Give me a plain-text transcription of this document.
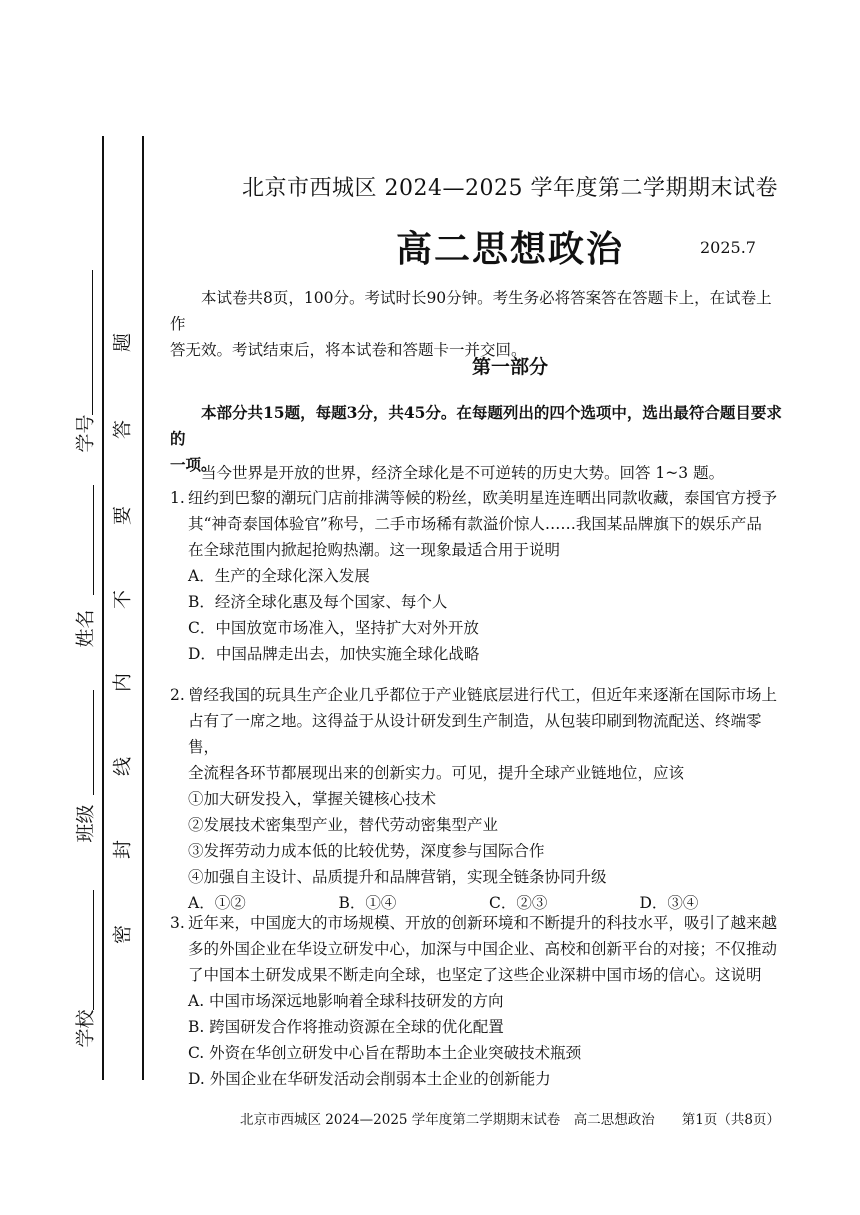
学号
姓名
班级
学校
题
答
要
不
内
线
封
密
北京市西城区 2024—2025 学年度第二学期期末试卷
高二思想政治	2025.7
本试卷共8页，100分。考试时长90分钟。考生务必将答案答在答题卡上，在试卷上作
答无效。考试结束后，将本试卷和答题卡一并交回。
第一部分
本部分共15题，每题3分，共45分。在每题列出的四个选项中，选出最符合题目要求的
一项。
当今世界是开放的世界，经济全球化是不可逆转的历史大势。回答 1~3 题。
1. 纽约到巴黎的潮玩门店前排满等候的粉丝，欧美明星连连晒出同款收藏，泰国官方授予
其“神奇泰国体验官”称号，二手市场稀有款溢价惊人……我国某品牌旗下的娱乐产品
在全球范围内掀起抢购热潮。这一现象最适合用于说明
A．生产的全球化深入发展
B．经济全球化惠及每个国家、每个人
C．中国放宽市场准入，坚持扩大对外开放
D．中国品牌走出去，加快实施全球化战略
2. 曾经我国的玩具生产企业几乎都位于产业链底层进行代工，但近年来逐渐在国际市场上
占有了一席之地。这得益于从设计研发到生产制造，从包装印刷到物流配送、终端零售，
全流程各环节都展现出来的创新实力。可见，提升全球产业链地位，应该
①加大研发投入，掌握关键核心技术
②发展技术密集型产业，替代劳动密集型产业
③发挥劳动力成本低的比较优势，深度参与国际合作
④加强自主设计、品质提升和品牌营销，实现全链条协同升级
A．①②	B．①④	C．②③	D．③④
3. 近年来，中国庞大的市场规模、开放的创新环境和不断提升的科技水平，吸引了越来越
多的外国企业在华设立研发中心，加深与中国企业、高校和创新平台的对接；不仅推动
了中国本土研发成果不断走向全球，也坚定了这些企业深耕中国市场的信心。这说明
A. 中国市场深远地影响着全球科技研发的方向
B. 跨国研发合作将推动资源在全球的优化配置
C. 外资在华创立研发中心旨在帮助本土企业突破技术瓶颈
D. 外国企业在华研发活动会削弱本土企业的创新能力
北京市西城区 2024—2025 学年度第二学期期末试卷　高二思想政治　　第1页（共8页）
